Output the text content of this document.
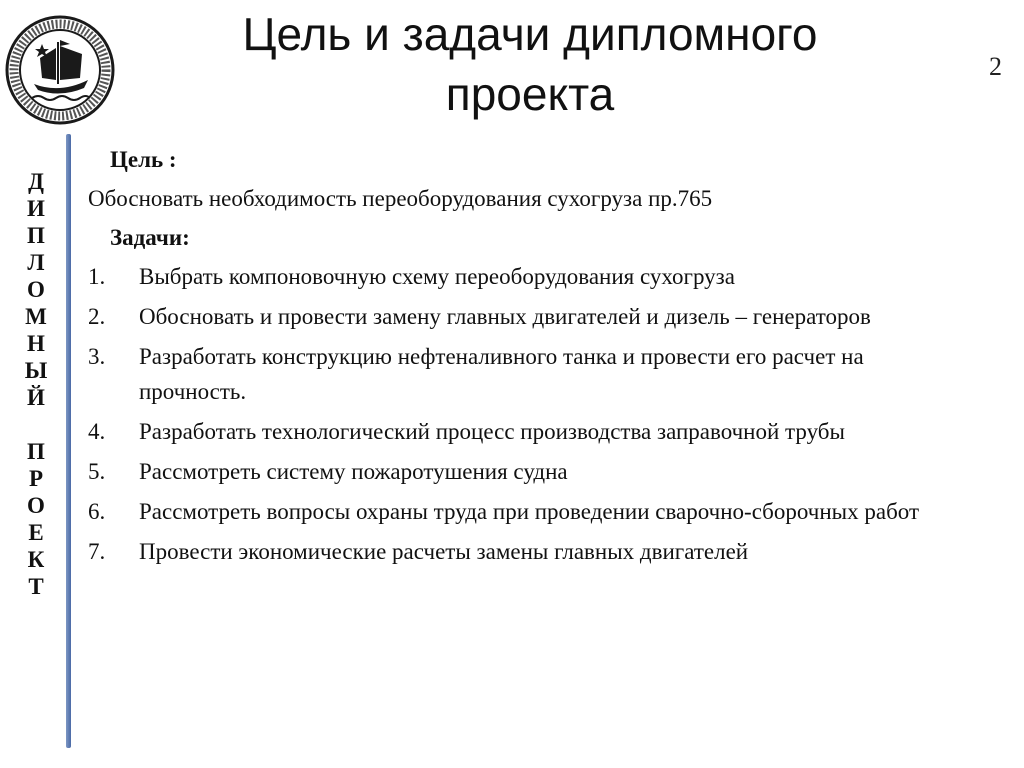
Цель и задачи дипломного проекта
2
Д
И
П
Л
О
М
Н
Ы
Й
П
Р
О
Е
К
Т
Цель :
Обосновать необходимость переоборудования сухогруза пр.765
Задачи:
1.	Выбрать компоновочную схему переоборудования сухогруза
2.	Обосновать и провести замену главных двигателей и дизель – генераторов
3.	Разработать конструкцию нефтеналивного танка и провести его расчет на прочность.
4.	Разработать технологический процесс производства заправочной трубы
5.	Рассмотреть систему пожаротушения судна
6.	Рассмотреть вопросы охраны труда при проведении сварочно-сборочных работ
7.	Провести экономические расчеты замены главных двигателей
